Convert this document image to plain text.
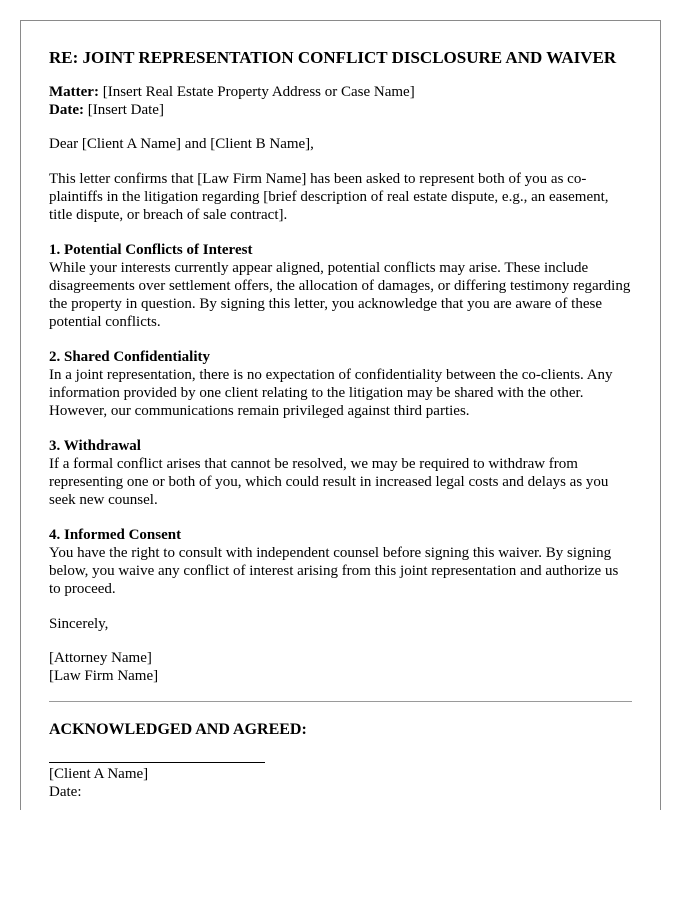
RE: JOINT REPRESENTATION CONFLICT DISCLOSURE AND WAIVER
Matter: [Insert Real Estate Property Address or Case Name]
Date: [Insert Date]

Dear [Client A Name] and [Client B Name],

This letter confirms that [Law Firm Name] has been asked to represent both of you as co-plaintiffs in the litigation regarding [brief description of real estate dispute, e.g., an easement, title dispute, or breach of sale contract].

1. Potential Conflicts of Interest
While your interests currently appear aligned, potential conflicts may arise. These include disagreements over settlement offers, the allocation of damages, or differing testimony regarding the property in question. By signing this letter, you acknowledge that you are aware of these potential conflicts.
2. Shared Confidentiality
In a joint representation, there is no expectation of confidentiality between the co-clients. Any information provided by one client relating to the litigation may be shared with the other. However, our communications remain privileged against third parties.
3. Withdrawal
If a formal conflict arises that cannot be resolved, we may be required to withdraw from representing one or both of you, which could result in increased legal costs and delays as you seek new counsel.
4. Informed Consent
You have the right to consult with independent counsel before signing this waiver. By signing below, you waive any conflict of interest arising from this joint representation and authorize us to proceed.
Sincerely,
[Attorney Name]
[Law Firm Name]
ACKNOWLEDGED AND AGREED:
[Client A Name]
Date:
